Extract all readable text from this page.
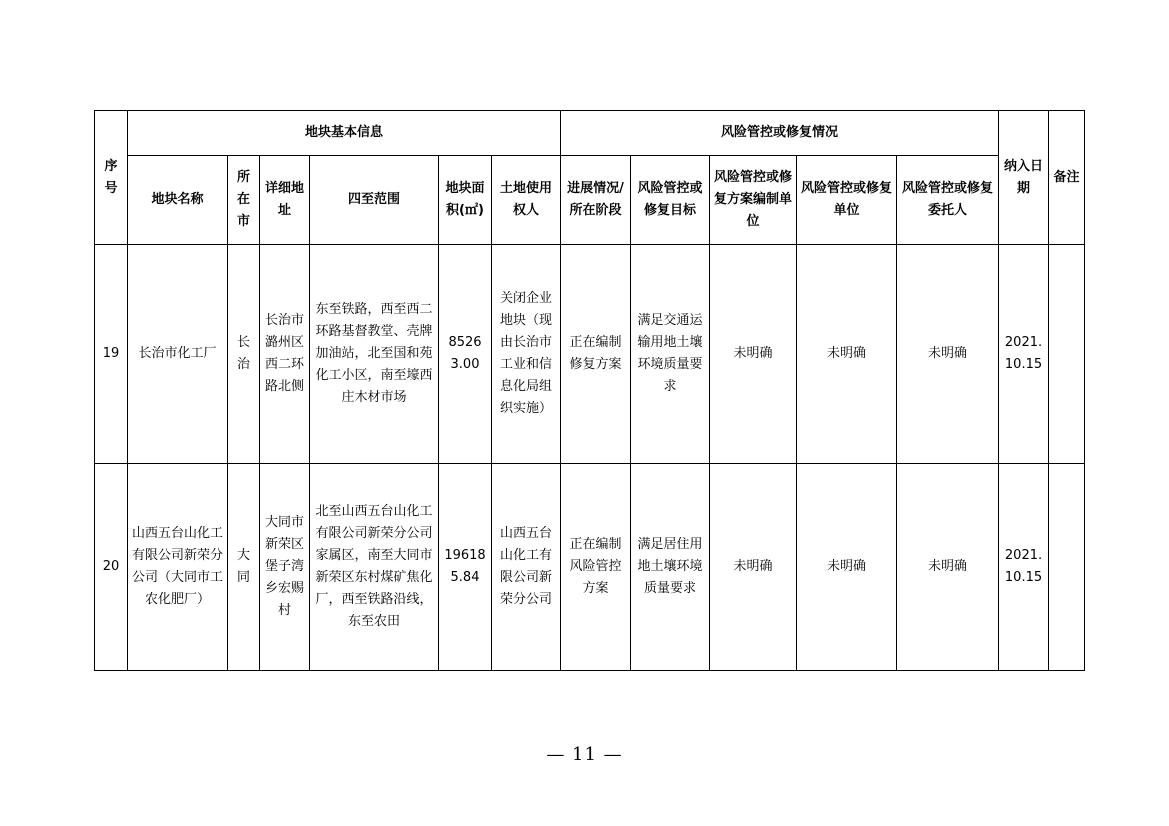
序号	地块基本信息						风险管控或修复情况					纳入日期	备注
	地块名称	所在市	详细地址	四至范围	地块面积(㎡)	土地使用权人	进展情况/所在阶段	风险管控或修复目标	风险管控或修复方案编制单位	风险管控或修复单位	风险管控或修复委托人		
19	长治市化工厂	长治	长治市潞州区西二环路北侧	东至铁路，西至西二环路基督教堂、壳牌加油站，北至国和苑化工小区，南至壕西庄木材市场	85263.00	关闭企业地块（现由长治市工业和信息化局组织实施）	正在编制修复方案	满足交通运输用地土壤环境质量要求	未明确	未明确	未明确	2021.10.15	
20	山西五台山化工有限公司新荣分公司（大同市工农化肥厂）	大同	大同市新荣区堡子湾乡宏赐村	北至山西五台山化工有限公司新荣分公司家属区，南至大同市新荣区东村煤矿焦化厂，西至铁路沿线，东至农田	196185.84	山西五台山化工有限公司新荣分公司	正在编制风险管控方案	满足居住用地土壤环境质量要求	未明确	未明确	未明确	2021.10.15	
— 11 —
